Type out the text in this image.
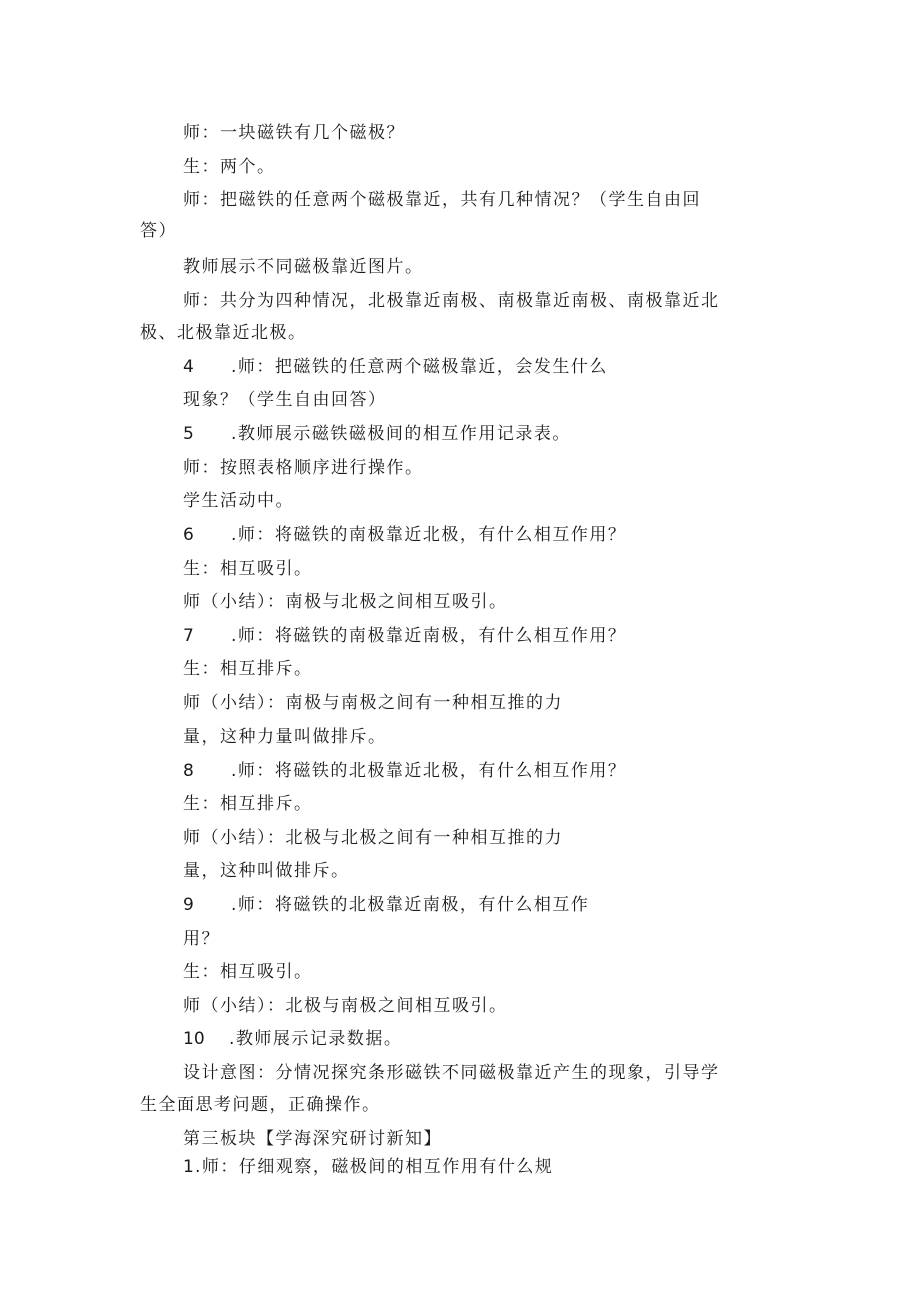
师：一块磁铁有几个磁极？
生：两个。
师：把磁铁的任意两个磁极靠近，共有几种情况？（学生自由回
答）
教师展示不同磁极靠近图片。
师：共分为四种情况，北极靠近南极、南极靠近南极、南极靠近北
极、北极靠近北极。
4 .师：把磁铁的任意两个磁极靠近，会发生什么
现象？（学生自由回答）
5 .教师展示磁铁磁极间的相互作用记录表。
师：按照表格顺序进行操作。
学生活动中。
6 .师：将磁铁的南极靠近北极，有什么相互作用？
生：相互吸引。
师（小结）：南极与北极之间相互吸引。
7 .师：将磁铁的南极靠近南极，有什么相互作用？
生：相互排斥。
师（小结）：南极与南极之间有一种相互推的力
量，这种力量叫做排斥。
8 .师：将磁铁的北极靠近北极，有什么相互作用？
生：相互排斥。
师（小结）：北极与北极之间有一种相互推的力
量，这种叫做排斥。
9 .师：将磁铁的北极靠近南极，有什么相互作
用？
生：相互吸引。
师（小结）：北极与南极之间相互吸引。
10 .教师展示记录数据。
设计意图：分情况探究条形磁铁不同磁极靠近产生的现象，引导学
生全面思考问题，正确操作。
第三板块【学海深究研讨新知】
1.师：仔细观察，磁极间的相互作用有什么规
